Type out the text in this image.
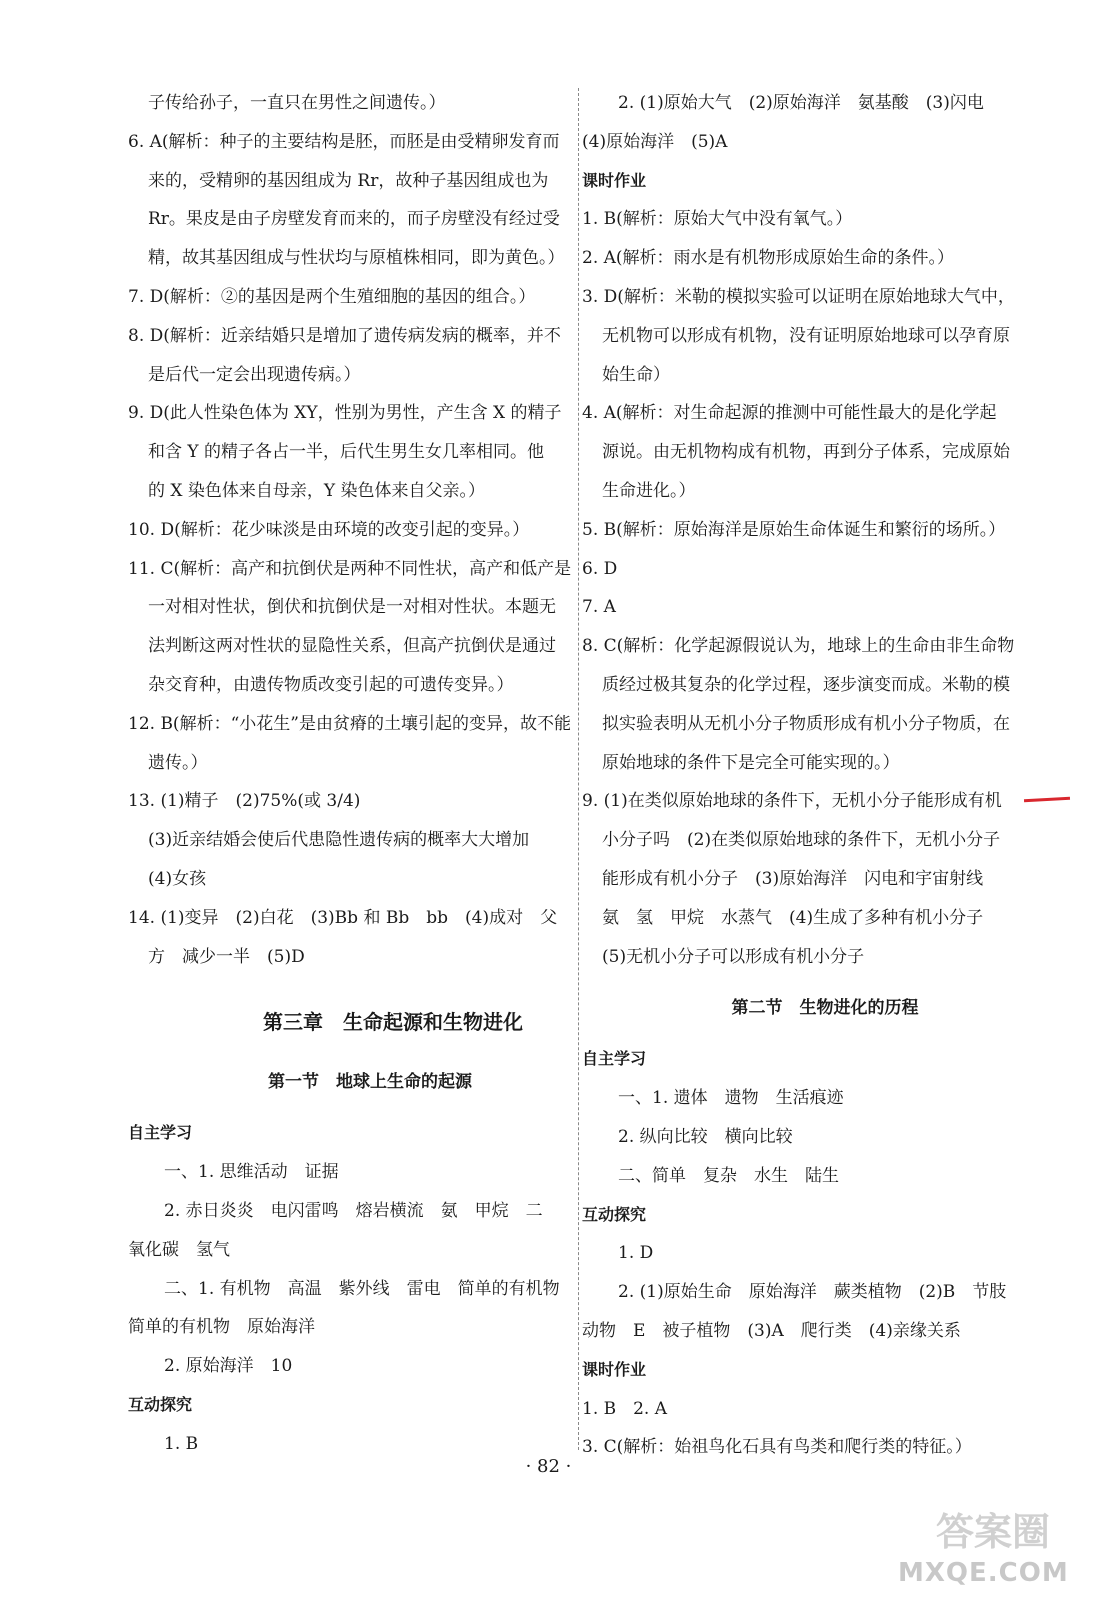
子传给孙子，一直只在男性之间遗传。）
6. A(解析：种子的主要结构是胚，而胚是由受精卵发育而
来的，受精卵的基因组成为 Rr，故种子基因组成也为
Rr。果皮是由子房壁发育而来的，而子房壁没有经过受
精，故其基因组成与性状均与原植株相同，即为黄色。）
7. D(解析：②的基因是两个生殖细胞的基因的组合。）
8. D(解析：近亲结婚只是增加了遗传病发病的概率，并不
是后代一定会出现遗传病。）
9. D(此人性染色体为 XY，性别为男性，产生含 X 的精子
和含 Y 的精子各占一半，后代生男生女几率相同。他
的 X 染色体来自母亲，Y 染色体来自父亲。）
10. D(解析：花少味淡是由环境的改变引起的变异。）
11. C(解析：高产和抗倒伏是两种不同性状，高产和低产是
一对相对性状，倒伏和抗倒伏是一对相对性状。本题无
法判断这两对性状的显隐性关系，但高产抗倒伏是通过
杂交育种，由遗传物质改变引起的可遗传变异。）
12. B(解析：“小花生”是由贫瘠的土壤引起的变异，故不能
遗传。）
13. (1)精子　(2)75%(或 3/4)
(3)近亲结婚会使后代患隐性遗传病的概率大大增加
(4)女孩
14. (1)变异　(2)白花　(3)Bb 和 Bb　bb　(4)成对　父
方　减少一半　(5)D
第三章　生命起源和生物进化
第一节　地球上生命的起源
自主学习
一、1. 思维活动　证据
2. 赤日炎炎　电闪雷鸣　熔岩横流　氨　甲烷　二
氧化碳　氢气
二、1. 有机物　高温　紫外线　雷电　简单的有机物
简单的有机物　原始海洋
2. 原始海洋　10
互动探究
1. B
2. (1)原始大气　(2)原始海洋　氨基酸　(3)闪电
(4)原始海洋　(5)A
课时作业
1. B(解析：原始大气中没有氧气。）
2. A(解析：雨水是有机物形成原始生命的条件。）
3. D(解析：米勒的模拟实验可以证明在原始地球大气中，
无机物可以形成有机物，没有证明原始地球可以孕育原
始生命）
4. A(解析：对生命起源的推测中可能性最大的是化学起
源说。由无机物构成有机物，再到分子体系，完成原始
生命进化。）
5. B(解析：原始海洋是原始生命体诞生和繁衍的场所。）
6. D
7. A
8. C(解析：化学起源假说认为，地球上的生命由非生命物
质经过极其复杂的化学过程，逐步演变而成。米勒的模
拟实验表明从无机小分子物质形成有机小分子物质，在
原始地球的条件下是完全可能实现的。）
9. (1)在类似原始地球的条件下，无机小分子能形成有机
小分子吗　(2)在类似原始地球的条件下，无机小分子
能形成有机小分子　(3)原始海洋　闪电和宇宙射线
氨　氢　甲烷　水蒸气　(4)生成了多种有机小分子
(5)无机小分子可以形成有机小分子
第二节　生物进化的历程
自主学习
一、1. 遗体　遗物　生活痕迹
2. 纵向比较　横向比较
二、简单　复杂　水生　陆生
互动探究
1. D
2. (1)原始生命　原始海洋　蕨类植物　(2)B　节肢
动物　E　被子植物　(3)A　爬行类　(4)亲缘关系
课时作业
1. B　2. A
3. C(解析：始祖鸟化石具有鸟类和爬行类的特征。）
· 82 ·
答案圈
MXQE.COM
